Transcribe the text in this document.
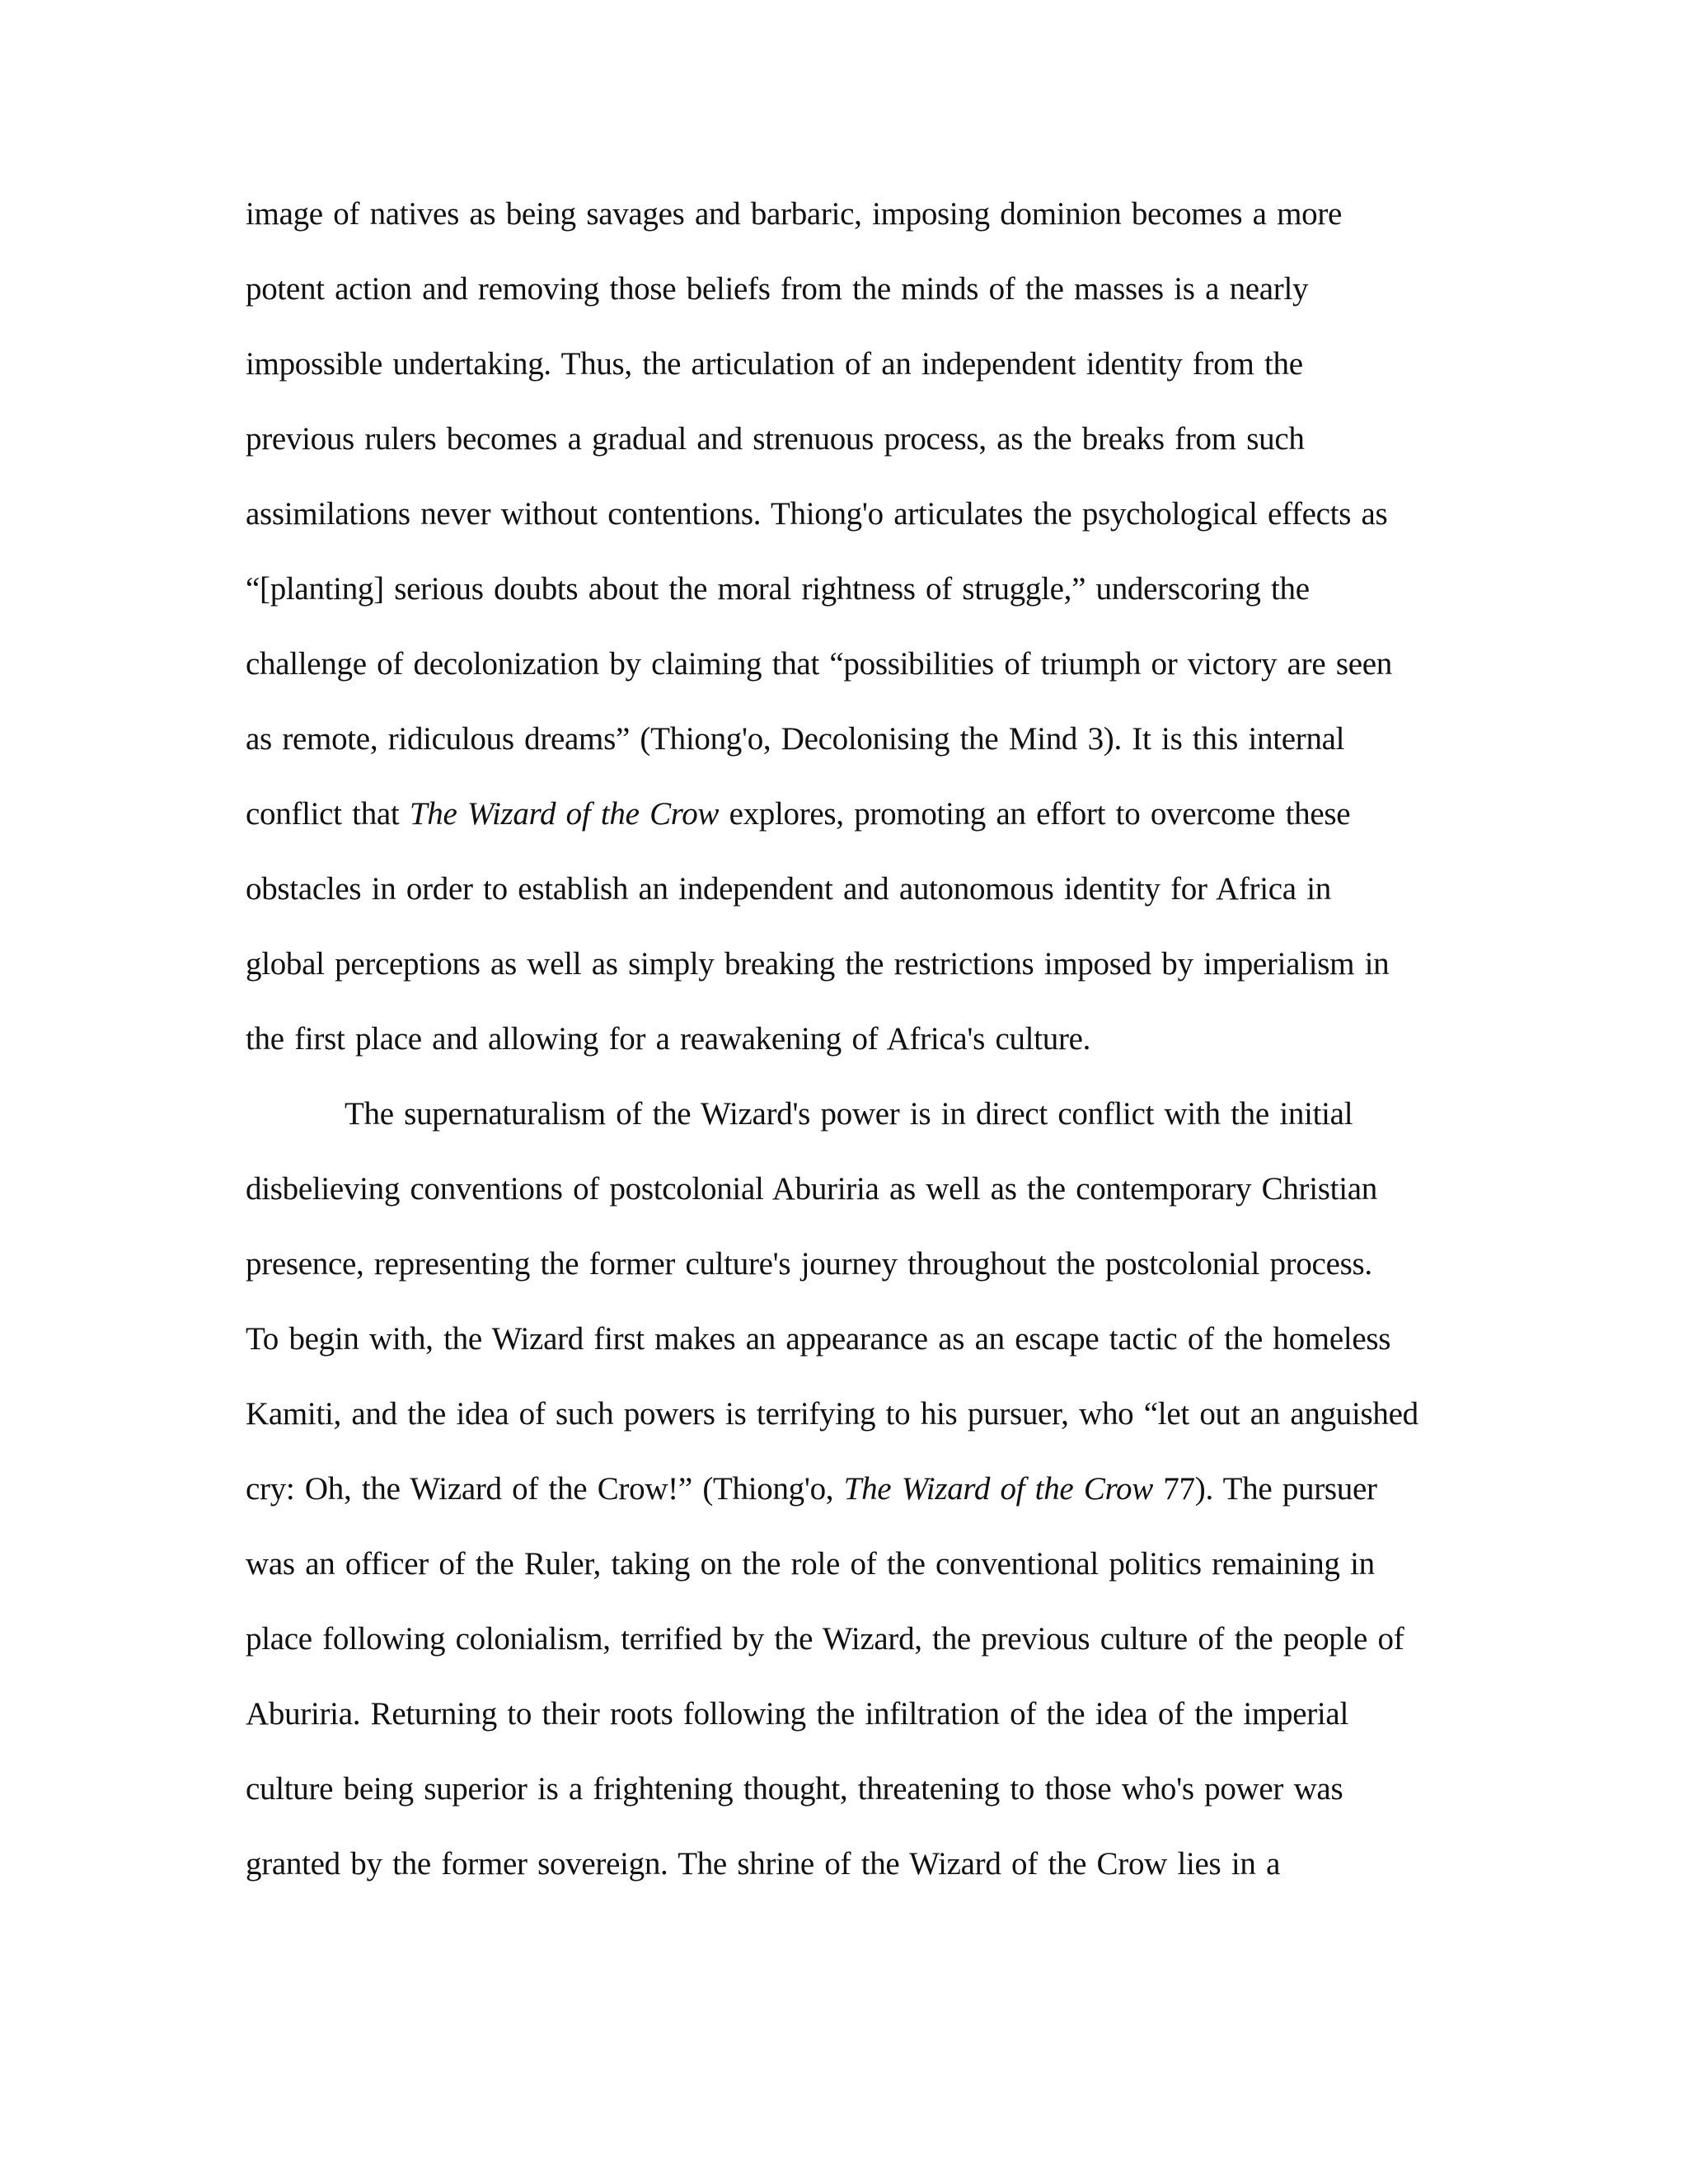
image of natives as being savages and barbaric, imposing dominion becomes a more
potent action and removing those beliefs from the minds of the masses is a nearly
impossible undertaking. Thus, the articulation of an independent identity from the
previous rulers becomes a gradual and strenuous process, as the breaks from such
assimilations never without contentions. Thiong'o articulates the psychological effects as
“[planting] serious doubts about the moral rightness of struggle,” underscoring the
challenge of decolonization by claiming that “possibilities of triumph or victory are seen
as remote, ridiculous dreams” (Thiong'o, Decolonising the Mind 3). It is this internal
conflict that The Wizard of the Crow explores, promoting an effort to overcome these
obstacles in order to establish an independent and autonomous identity for Africa in
global perceptions as well as simply breaking the restrictions imposed by imperialism in
the first place and allowing for a reawakening of Africa's culture.
The supernaturalism of the Wizard's power is in direct conflict with the initial
disbelieving conventions of postcolonial Aburiria as well as the contemporary Christian
presence, representing the former culture's journey throughout the postcolonial process.
To begin with, the Wizard first makes an appearance as an escape tactic of the homeless
Kamiti, and the idea of such powers is terrifying to his pursuer, who “let out an anguished
cry: Oh, the Wizard of the Crow!” (Thiong'o, The Wizard of the Crow 77). The pursuer
was an officer of the Ruler, taking on the role of the conventional politics remaining in
place following colonialism, terrified by the Wizard, the previous culture of the people of
Aburiria. Returning to their roots following the infiltration of the idea of the imperial
culture being superior is a frightening thought, threatening to those who's power was
granted by the former sovereign. The shrine of the Wizard of the Crow lies in a
